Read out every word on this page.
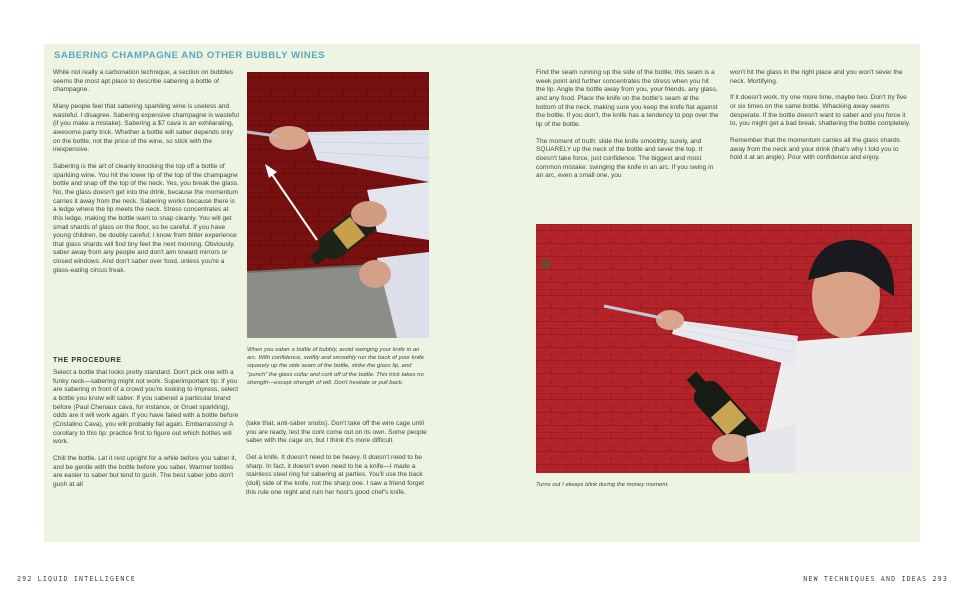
SABERING CHAMPAGNE AND OTHER BUBBLY WINES

While not really a carbonation technique, a section on bubbles seems the most apt place to describe sabering a bottle of champagne.

Many people feel that sabering sparkling wine is useless and wasteful. I disagree. Sabering expensive champagne is wasteful (if you make a mistake). Sabering a $7 cava is an exhilarating, awesome party trick. Whether a bottle will saber depends only on the bottle, not the price of the wine, so stick with the inexpensive.

Sabering is the art of cleanly knocking the top off a bottle of sparkling wine. You hit the lower lip of the top of the champagne bottle and snap off the top of the neck. Yes, you break the glass. No, the glass doesn't get into the drink, because the momentum carries it away from the neck. Sabering works because there is a ledge where the lip meets the neck. Stress concentrates at this ledge, making the bottle want to snap cleanly. You will get small shards of glass on the floor, so be careful. If you have young children, be doubly careful; I know from bitter experience that glass shards will find tiny feet the next morning. Obviously, saber away from any people and don't aim toward mirrors or closed windows. And don't saber over food, unless you're a glass-eating circus freak.

THE PROCEDURE

Select a bottle that looks pretty standard. Don't pick one with a funky neck—sabering might not work. Superimportant tip: If you are sabering in front of a crowd you're looking to impress, select a bottle you know will saber. If you sabered a particular brand before (Paul Chenaux cava, for instance, or Gruet sparkling), odds are it will work again. If you have failed with a bottle before (Cristalino Cava), you will probably fail again. Embarrassing! A corollary to this tip: practice first to figure out which bottles will work.

Chill the bottle. Let it rest upright for a while before you saber it, and be gentle with the bottle before you saber. Warmer bottles are easier to saber but tend to gush. The best saber jobs don't gush at all

When you saber a bottle of bubbly, avoid swinging your knife in an arc. With confidence, swiftly and smoothly run the back of your knife squarely up the side seam of the bottle, strike the glass lip, and "punch" the glass collar and cork off of the bottle. This trick takes no strength—except strength of will. Don't hesitate or pull back.

(take that, anti-saber snobs). Don't take off the wire cage until you are ready, lest the cork come out on its own. Some people saber with the cage on, but I think it's more difficult.

Get a knife. It doesn't need to be heavy. It doesn't need to be sharp. In fact, it doesn't even need to be a knife—I made a stainless steel ring for sabering at parties. You'll use the back (dull) side of the knife, not the sharp one. I saw a friend forget this rule one night and ruin her host's good chef's knife.

Find the seam running up the side of the bottle; this seam is a week point and further concentrates the stress when you hit the lip. Angle the bottle away from you, your friends, any glass, and any food. Place the knife on the bottle's seam at the bottom of the neck, making sure you keep the knife flat against the bottle. If you don't, the knife has a tendency to pop over the lip of the bottle.

The moment of truth: slide the knife smoothly, surely, and SQUARELY up the neck of the bottle and sever the top. It doesn't take force, just confidence. The biggest and most common mistake: swinging the knife in an arc. If you swing in an arc, even a small one, you

won't hit the glass in the right place and you won't sever the neck. Mortifying.

If it doesn't work, try one more time, maybe two. Don't try five or six times on the same bottle. Whacking away seems desperate. If the bottle doesn't want to saber and you force it to, you might get a bad break, shattering the bottle completely.

Remember that the momentum carries all the glass shards away from the neck and your drink (that's why I told you to hold it at an angle). Pour with confidence and enjoy.

Turns out I always blink during the money moment.
292 LIQUID INTELLIGENCE	NEW TECHNIQUES AND IDEAS 293
